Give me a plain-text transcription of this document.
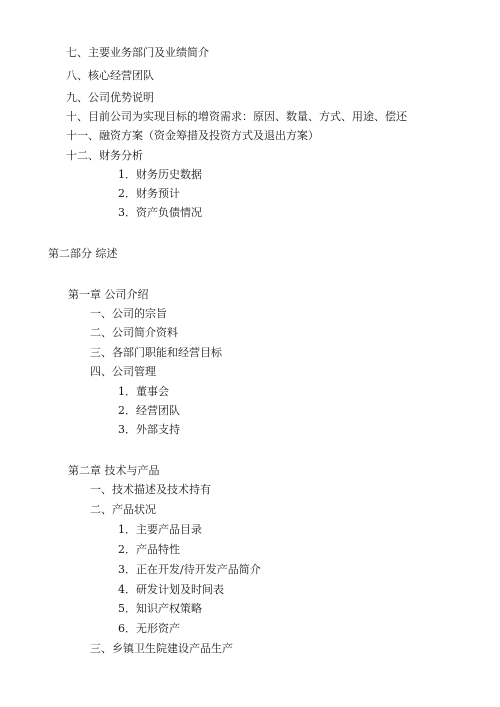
七、主要业务部门及业绩简介
八、核心经营团队
九、公司优势说明
十、目前公司为实现目标的增资需求：原因、数量、方式、用途、偿还
十一、融资方案（资金筹措及投资方式及退出方案）
十二、财务分析
1．财务历史数据
2．财务预计
3．资产负债情况
第二部分 综述
第一章 公司介绍
一、公司的宗旨
二、公司简介资料
三、各部门职能和经营目标
四、公司管理
1．董事会
2．经营团队
3．外部支持
第二章 技术与产品
一、技术描述及技术持有
二、产品状况
1．主要产品目录
2．产品特性
3．正在开发/待开发产品简介
4．研发计划及时间表
5．知识产权策略
6．无形资产
三、乡镇卫生院建设产品生产
